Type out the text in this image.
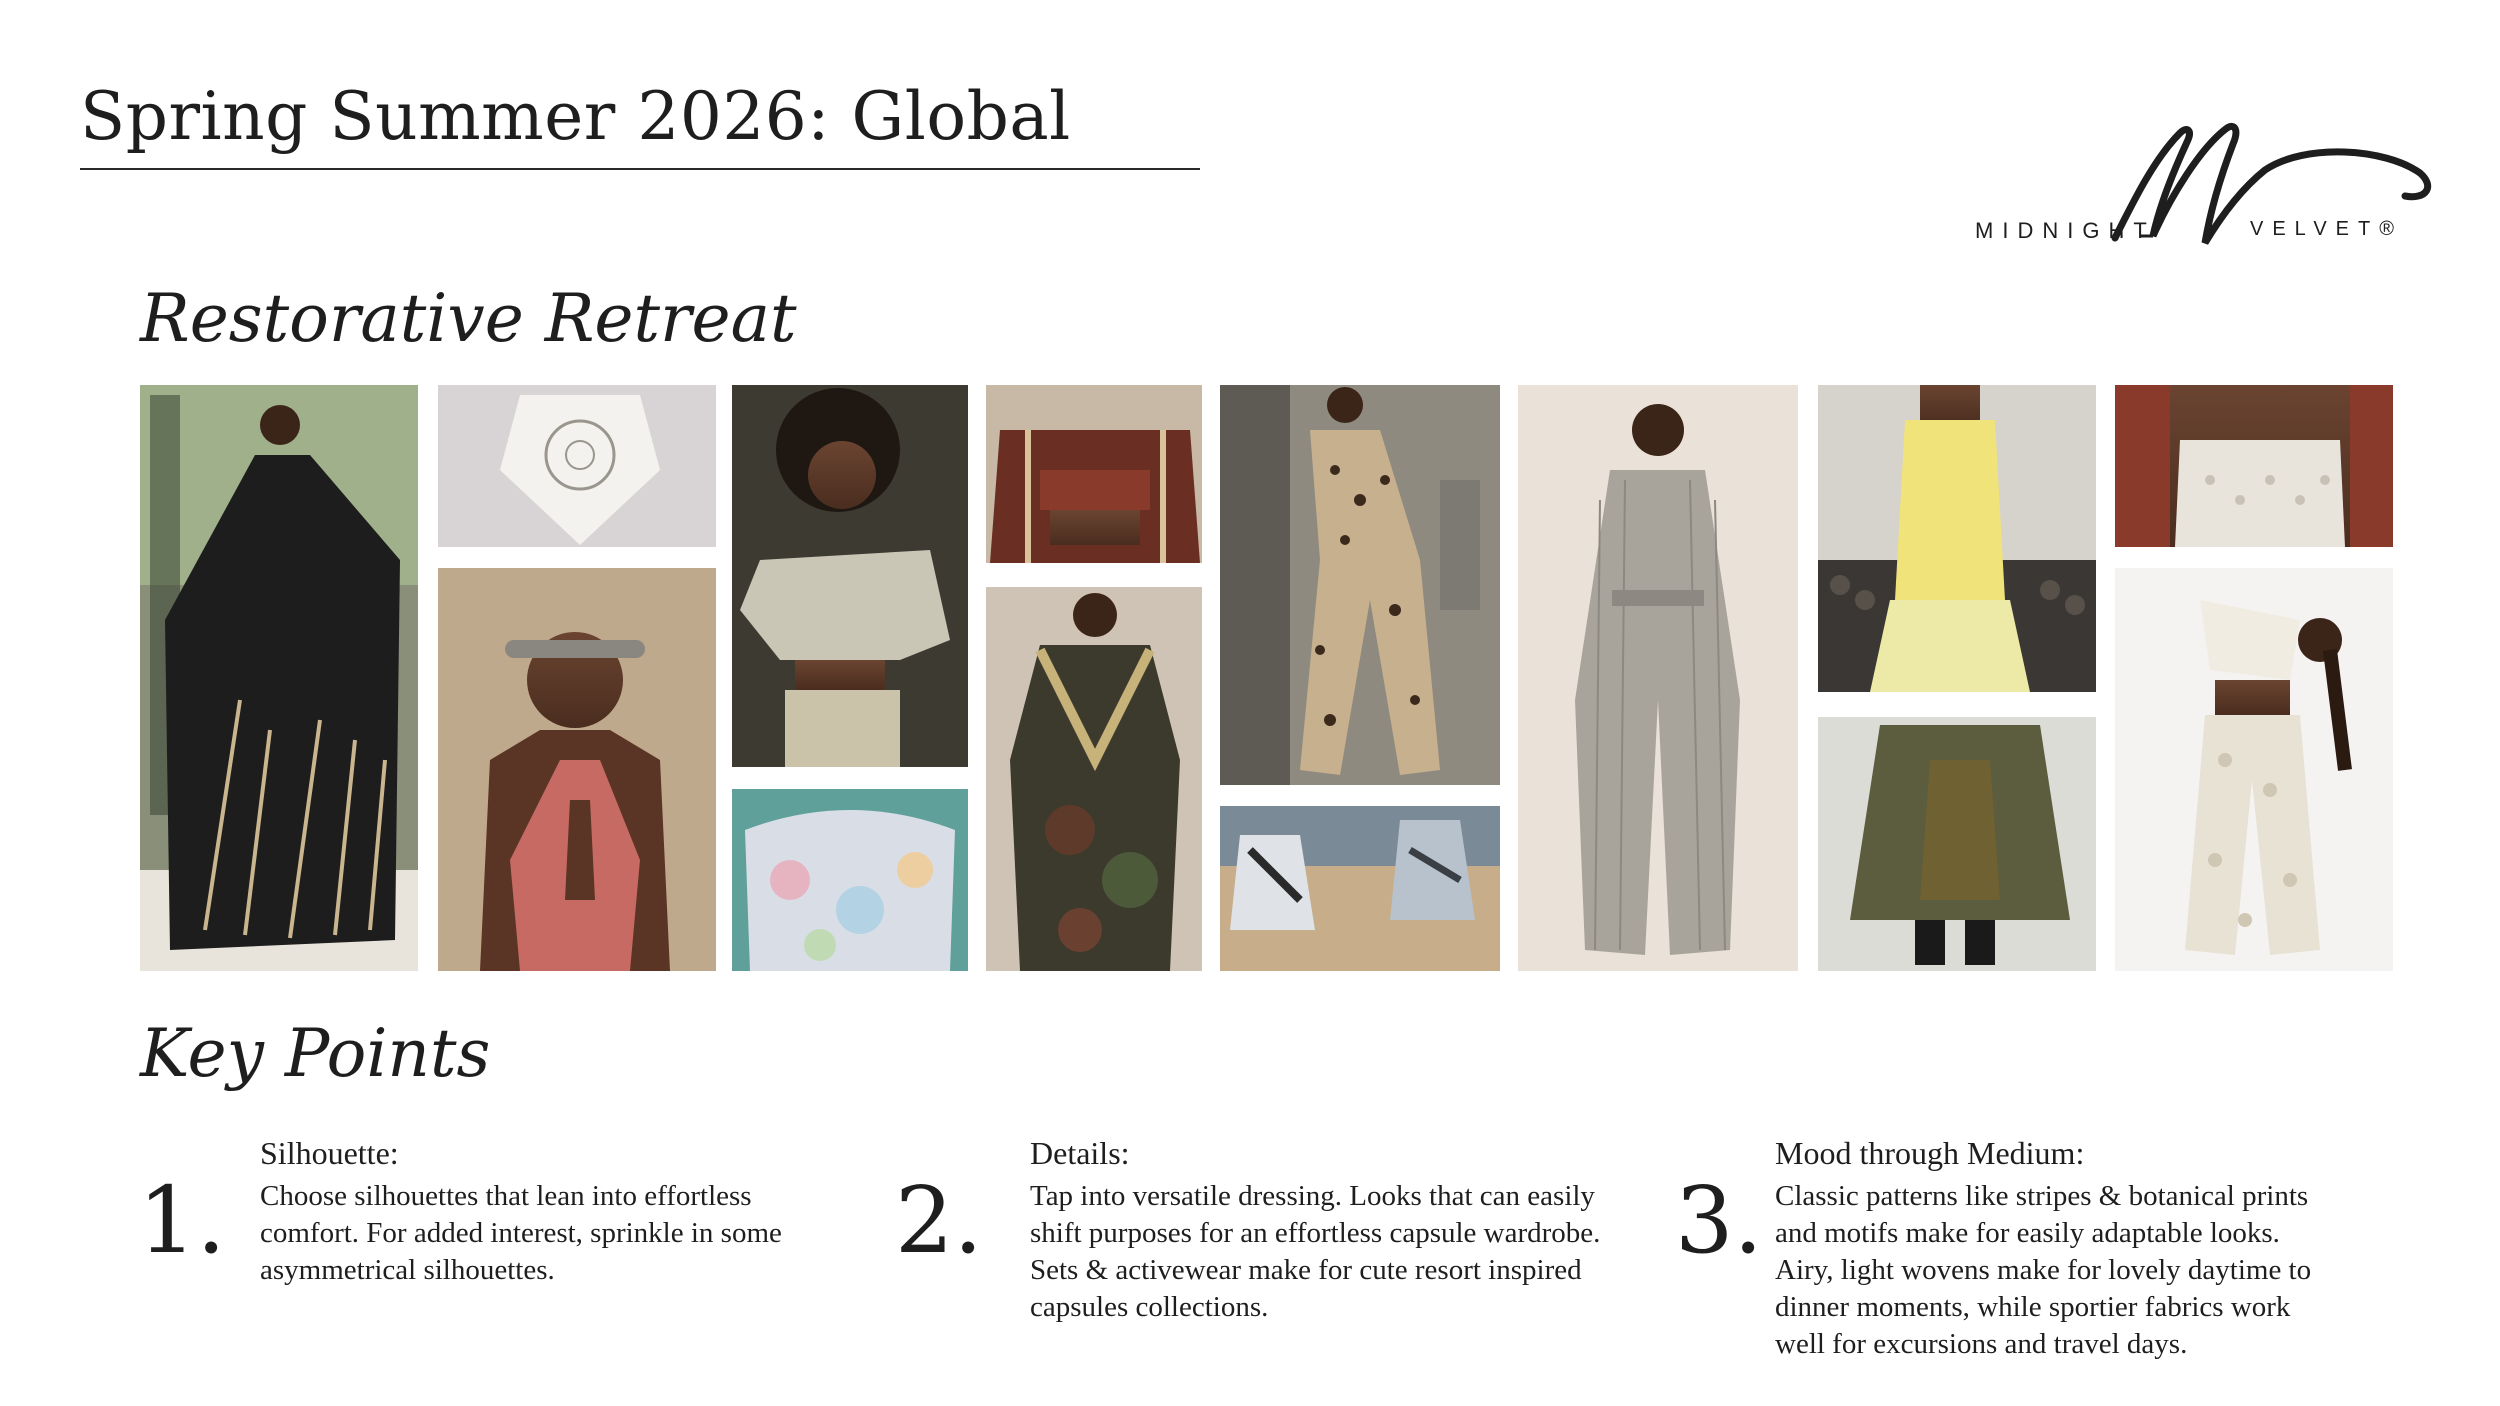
Spring Summer 2026: Global
MIDNIGHT	VELVET®
Restorative Retreat
Key Points
1.
Silhouette:
Choose silhouettes that lean into effortless
comfort. For added interest, sprinkle in some
asymmetrical silhouettes.	2.
Details:
Tap into versatile dressing. Looks that can easily
shift purposes for an effortless capsule wardrobe.
Sets & activewear make for cute resort inspired
capsules collections.
3.
Mood through Medium:
Classic patterns like stripes & botanical prints
and motifs make for easily adaptable looks.
Airy, light wovens make for lovely daytime to
dinner moments, while sportier fabrics work
well for excursions and travel days.
